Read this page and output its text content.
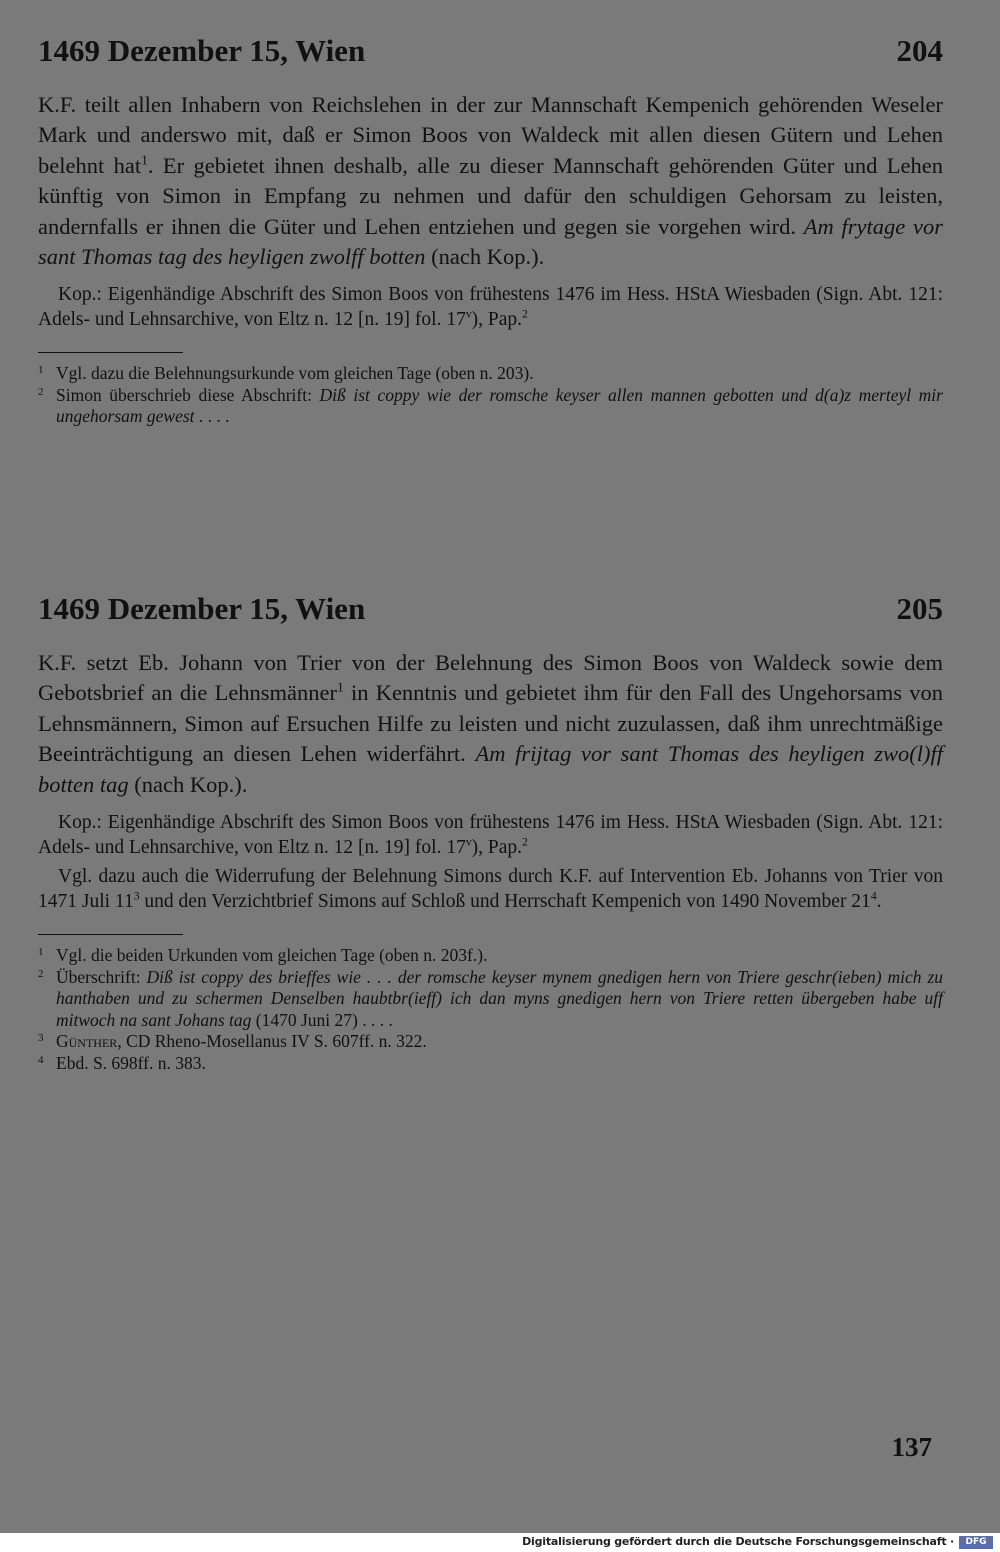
1469 Dezember 15, Wien	204

K.F. teilt allen Inhabern von Reichslehen in der zur Mannschaft Kempenich gehörenden Weseler Mark und anderswo mit, daß er Simon Boos von Waldeck mit allen diesen Gütern und Lehen belehnt hat$^1$. Er gebietet ihnen deshalb, alle zu dieser Mannschaft gehörenden Güter und Lehen künftig von Simon in Empfang zu nehmen und dafür den schuldigen Gehorsam zu leisten, andernfalls er ihnen die Güter und Lehen entziehen und gegen sie vorgehen wird. Am frytage vor sant Thomas tag des heyligen zwolff botten (nach Kop.).

Kop.: Eigenhändige Abschrift des Simon Boos von frühestens 1476 im Hess. HStA Wiesbaden (Sign. Abt. 121: Adels- und Lehnsarchive, von Eltz n. 12 [n. 19] fol. 17$^v$), Pap.$^2$

1 Vgl. dazu die Belehnungsurkunde vom gleichen Tage (oben n. 203).
2 Simon überschrieb diese Abschrift: Diß ist coppy wie der romsche keyser allen mannen gebotten und d(a)z merteyl mir ungehorsam gewest . . . .
1469 Dezember 15, Wien	205

K.F. setzt Eb. Johann von Trier von der Belehnung des Simon Boos von Waldeck sowie dem Gebotsbrief an die Lehnsmänner$^1$ in Kenntnis und gebietet ihm für den Fall des Ungehorsams von Lehnsmännern, Simon auf Ersuchen Hilfe zu leisten und nicht zuzulassen, daß ihm unrechtmäßige Beeinträchtigung an diesen Lehen widerfährt. Am frijtag vor sant Thomas des heyligen zwo(l)ff botten tag (nach Kop.).

Kop.: Eigenhändige Abschrift des Simon Boos von frühestens 1476 im Hess. HStA Wiesbaden (Sign. Abt. 121: Adels- und Lehnsarchive, von Eltz n. 12 [n. 19] fol. 17$^v$), Pap.$^2$

Vgl. dazu auch die Widerrufung der Belehnung Simons durch K.F. auf Intervention Eb. Johanns von Trier von 1471 Juli $11^3$ und den Verzichtbrief Simons auf Schloß und Herrschaft Kempenich von 1490 November $21^4$.

1 Vgl. die beiden Urkunden vom gleichen Tage (oben n. 203f.).
2 Überschrift: Diß ist coppy des brieffes wie . . . der romsche keyser mynem gnedigen hern von Triere geschr(ieben) mich zu hanthaben und zu schermen Denselben haubtbr(ieff) ich dan myns gnedigen hern von Triere retten übergeben habe uff mitwoch na sant Johans tag (1470 Juni 27) . . . .
3 Günther, CD Rheno-Mosellanus IV S. 607ff. n. 322.
4 Ebd. S. 698ff. n. 383.
137
Digitalisierung gefördert durch die Deutsche Forschungsgemeinschaft ·	DFG
